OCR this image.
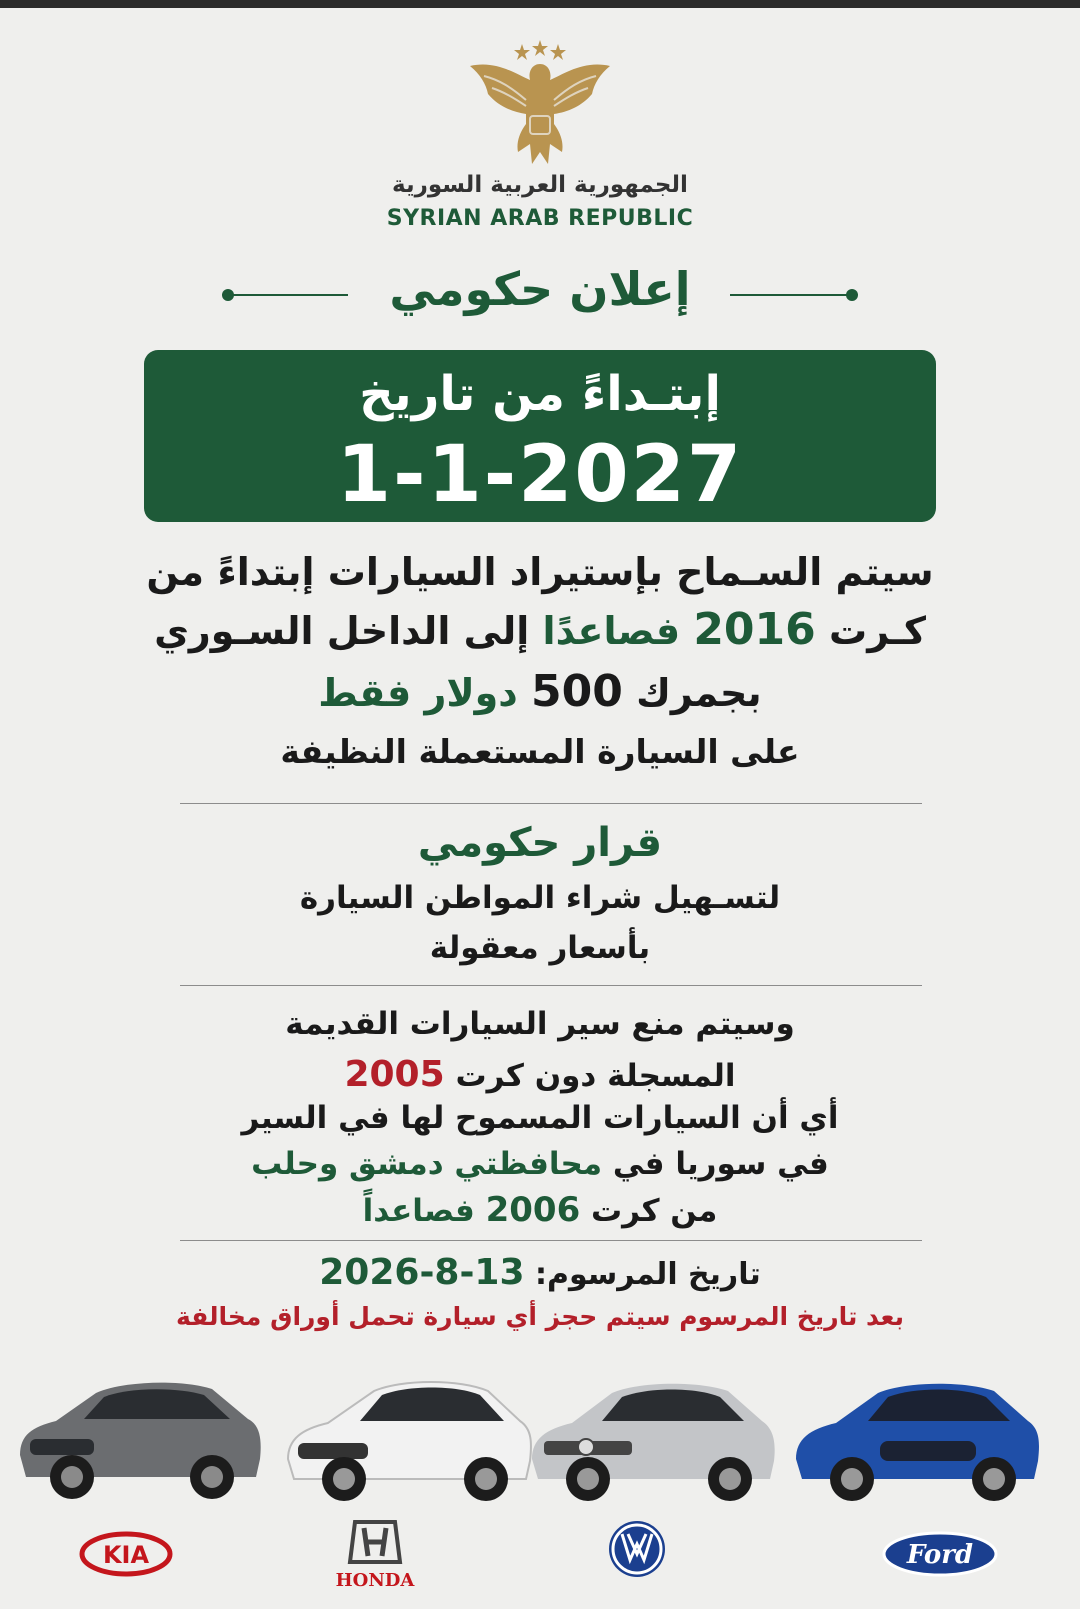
الجمهورية العربية السورية
SYRIAN ARAB REPUBLIC
إعلان حكومي
إبتـداءً من تاريخ
1-1-2027
سيتم السـماح بإستيراد السيارات إبتداءً من
كـرت 2016 فصاعدًا إلى الداخل السـوري
بجمرك 500 دولار فقط
على السيارة المستعملة النظيفة
قرار حكومي
لتسـهيل شراء المواطن السيارة
بأسعار معقولة
وسيتم منع سير السيارات القديمة
المسجلة دون كرت 2005
أي أن السيارات المسموح لها في السير
في سوريا في محافظتي دمشق وحلب
من كرت 2006 فصاعداً
تاريخ المرسوم: 13-8-2026
بعد تاريخ المرسوم سيتم حجز أي سيارة تحمل أوراق مخالفة
KIA
HONDA	VW
Ford
